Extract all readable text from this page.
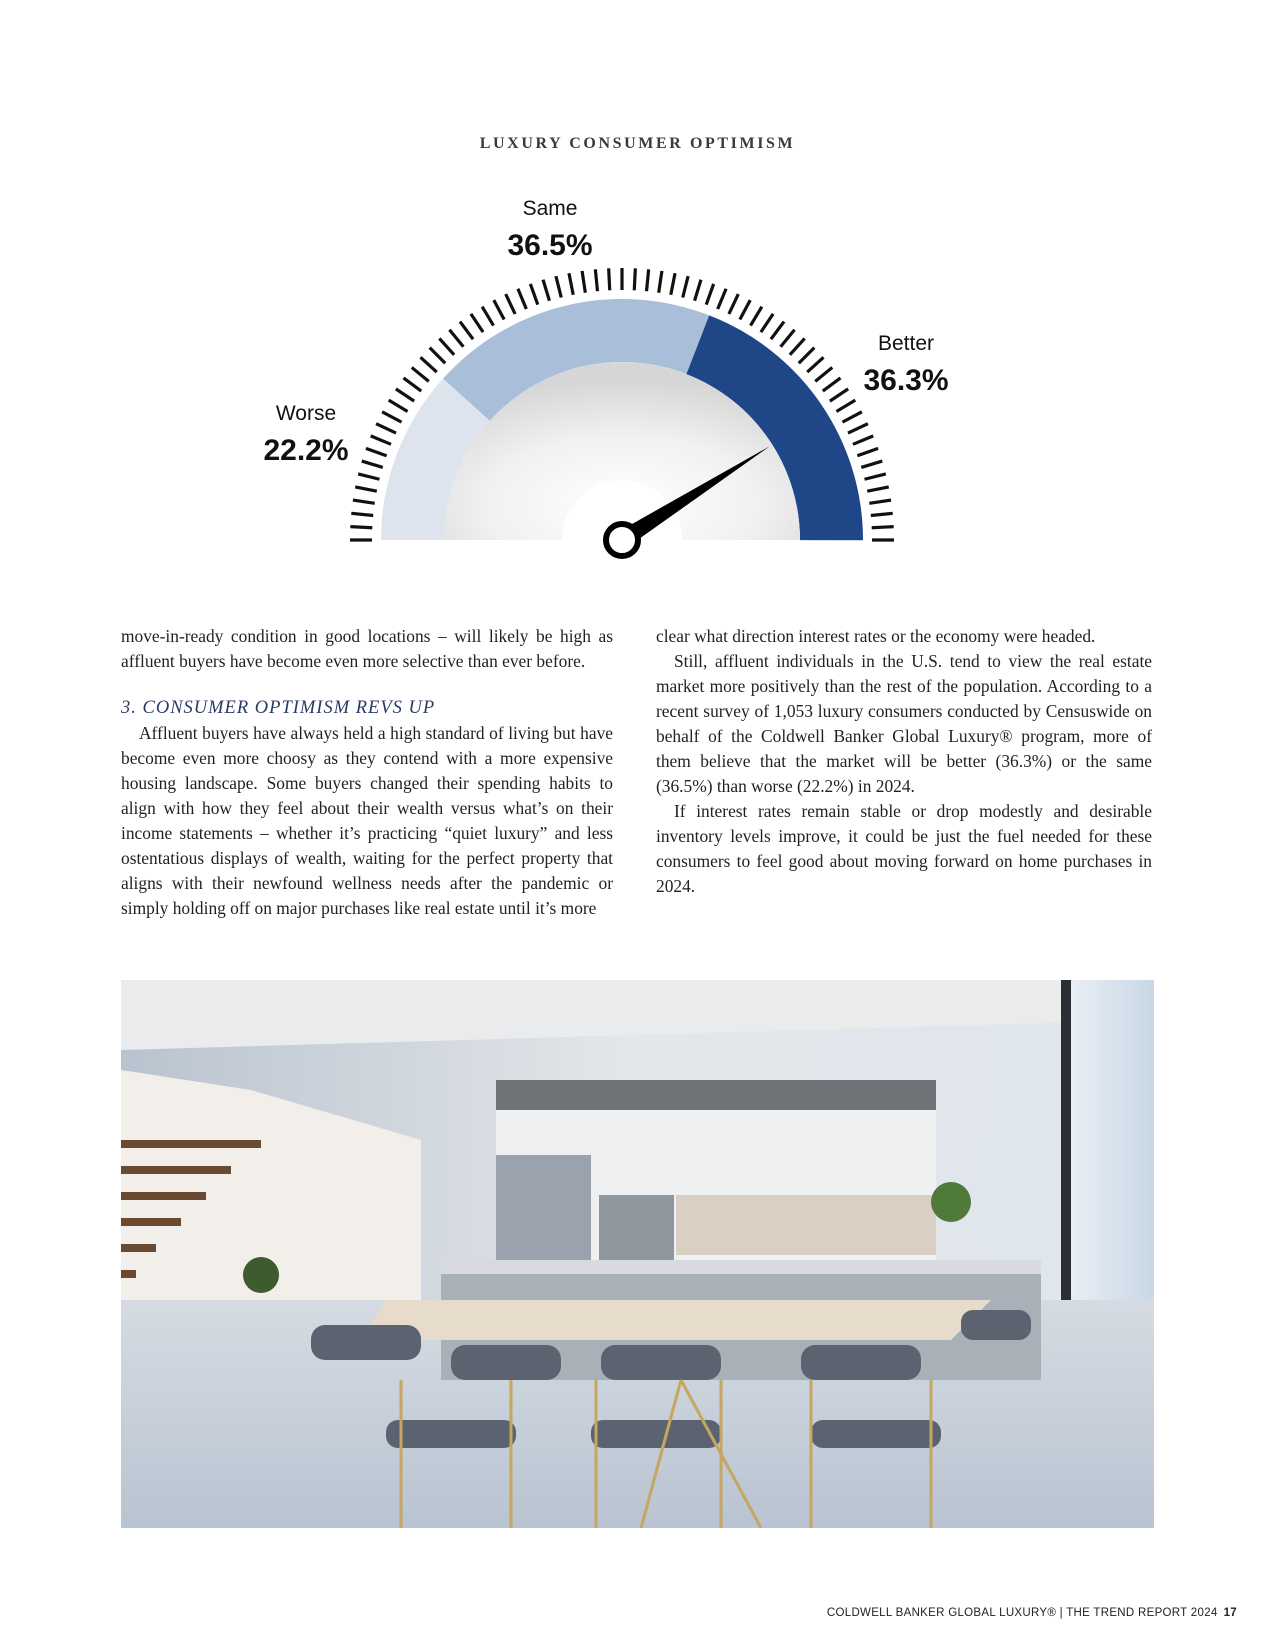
LUXURY CONSUMER OPTIMISM
Worse
22.2%
Same
36.5%
Better
36.3%

move-in-ready condition in good locations – will likely be high as affluent buyers have become even more selective than ever before.

3. CONSUMER OPTIMISM REVS UP

Affluent buyers have always held a high standard of living but have become even more choosy as they contend with a more expensive housing landscape. Some buyers changed their spending habits to align with how they feel about their wealth versus what’s on their income statements – whether it’s practicing “quiet luxury” and less ostentatious displays of wealth, waiting for the perfect property that aligns with their newfound wellness needs after the pandemic or simply holding off on major purchases like real estate until it’s more

clear what direction interest rates or the economy were headed.

Still, affluent individuals in the U.S. tend to view the real estate market more positively than the rest of the population. According to a recent survey of 1,053 luxury consumers conducted by Censuswide on behalf of the Coldwell Banker Global Luxury® program, more of them believe that the market will be better (36.3%) or the same (36.5%) than worse (22.2%) in 2024.

If interest rates remain stable or drop modestly and desirable inventory levels improve, it could be just the fuel needed for these consumers to feel good about moving forward on home purchases in 2024.

COLDWELL BANKER GLOBAL LUXURY® | THE TREND REPORT 2024 17
